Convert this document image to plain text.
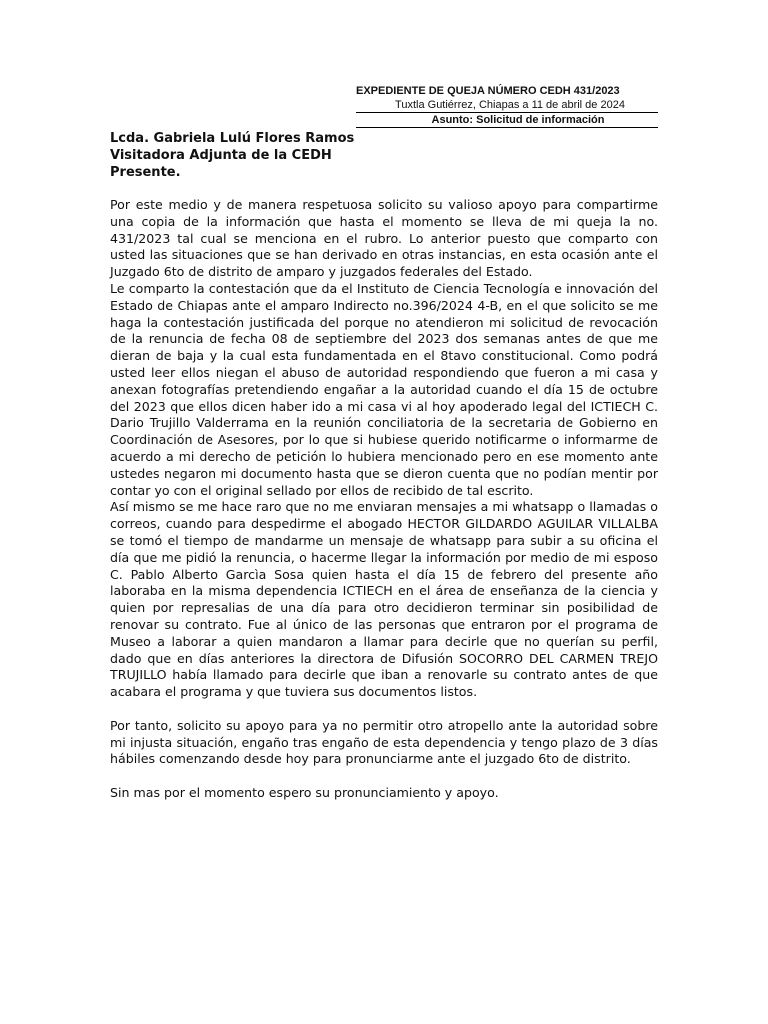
EXPEDIENTE DE QUEJA NÚMERO CEDH 431/2023
Tuxtla Gutiérrez, Chiapas a 11 de abril de 2024
Asunto: Solicitud de información
Lcda. Gabriela Lulú Flores Ramos
Visitadora Adjunta de la CEDH
Presente.

Por este medio y de manera respetuosa solicito su valioso apoyo para compartirme una copia de la información que hasta el momento se lleva de mi queja la no. 431/2023 tal cual se menciona en el rubro. Lo anterior puesto que comparto con usted las situaciones que se han derivado en otras instancias, en esta ocasión ante el Juzgado 6to de distrito de amparo y juzgados federales del Estado.

Le comparto la contestación que da el Instituto de Ciencia Tecnología e innovación del Estado de Chiapas ante el amparo Indirecto no.396/2024 4-B, en el que solicito se me haga la contestación justificada del porque no atendieron mi solicitud de revocación de la renuncia de fecha 08 de septiembre del 2023 dos semanas antes de que me dieran de baja y la cual esta fundamentada en el 8tavo constitucional. Como podrá usted leer ellos niegan el abuso de autoridad respondiendo que fueron a mi casa y anexan fotografías pretendiendo engañar a la autoridad cuando el día 15 de octubre del 2023 que ellos dicen haber ido a mi casa vi al hoy apoderado legal del ICTIECH C. Dario Trujillo Valderrama en la reunión conciliatoria de la secretaria de Gobierno en Coordinación de Asesores, por lo que si hubiese querido notificarme o informarme de acuerdo a mi derecho de petición lo hubiera mencionado pero en ese momento ante ustedes negaron mi documento hasta que se dieron cuenta que no podían mentir por contar yo con el original sellado por ellos de recibido de tal escrito.

Así mismo se me hace raro que no me enviaran mensajes a mi whatsapp o llamadas o correos, cuando para despedirme el abogado HECTOR GILDARDO AGUILAR VILLALBA se tomó el tiempo de mandarme un mensaje de whatsapp para subir a su oficina el día que me pidió la renuncia, o hacerme llegar la información por medio de mi esposo C. Pablo Alberto Garcìa Sosa quien hasta el día 15 de febrero del presente año laboraba en la misma dependencia ICTIECH en el área de enseñanza de la ciencia y quien por represalias de una día para otro decidieron terminar sin posibilidad de renovar su contrato. Fue al único de las personas que entraron por el programa de Museo a laborar a quien mandaron a llamar para decirle que no querían su perfil, dado que en días anteriores la directora de Difusión SOCORRO DEL CARMEN TREJO TRUJILLO había llamado para decirle que iban a renovarle su contrato antes de que acabara el programa y que tuviera sus documentos listos.

Por tanto, solicito su apoyo para ya no permitir otro atropello ante la autoridad sobre mi injusta situación, engaño tras engaño de esta dependencia y tengo plazo de 3 días hábiles comenzando desde hoy para pronunciarme ante el juzgado 6to de distrito.

Sin mas por el momento espero su pronunciamiento y apoyo.
